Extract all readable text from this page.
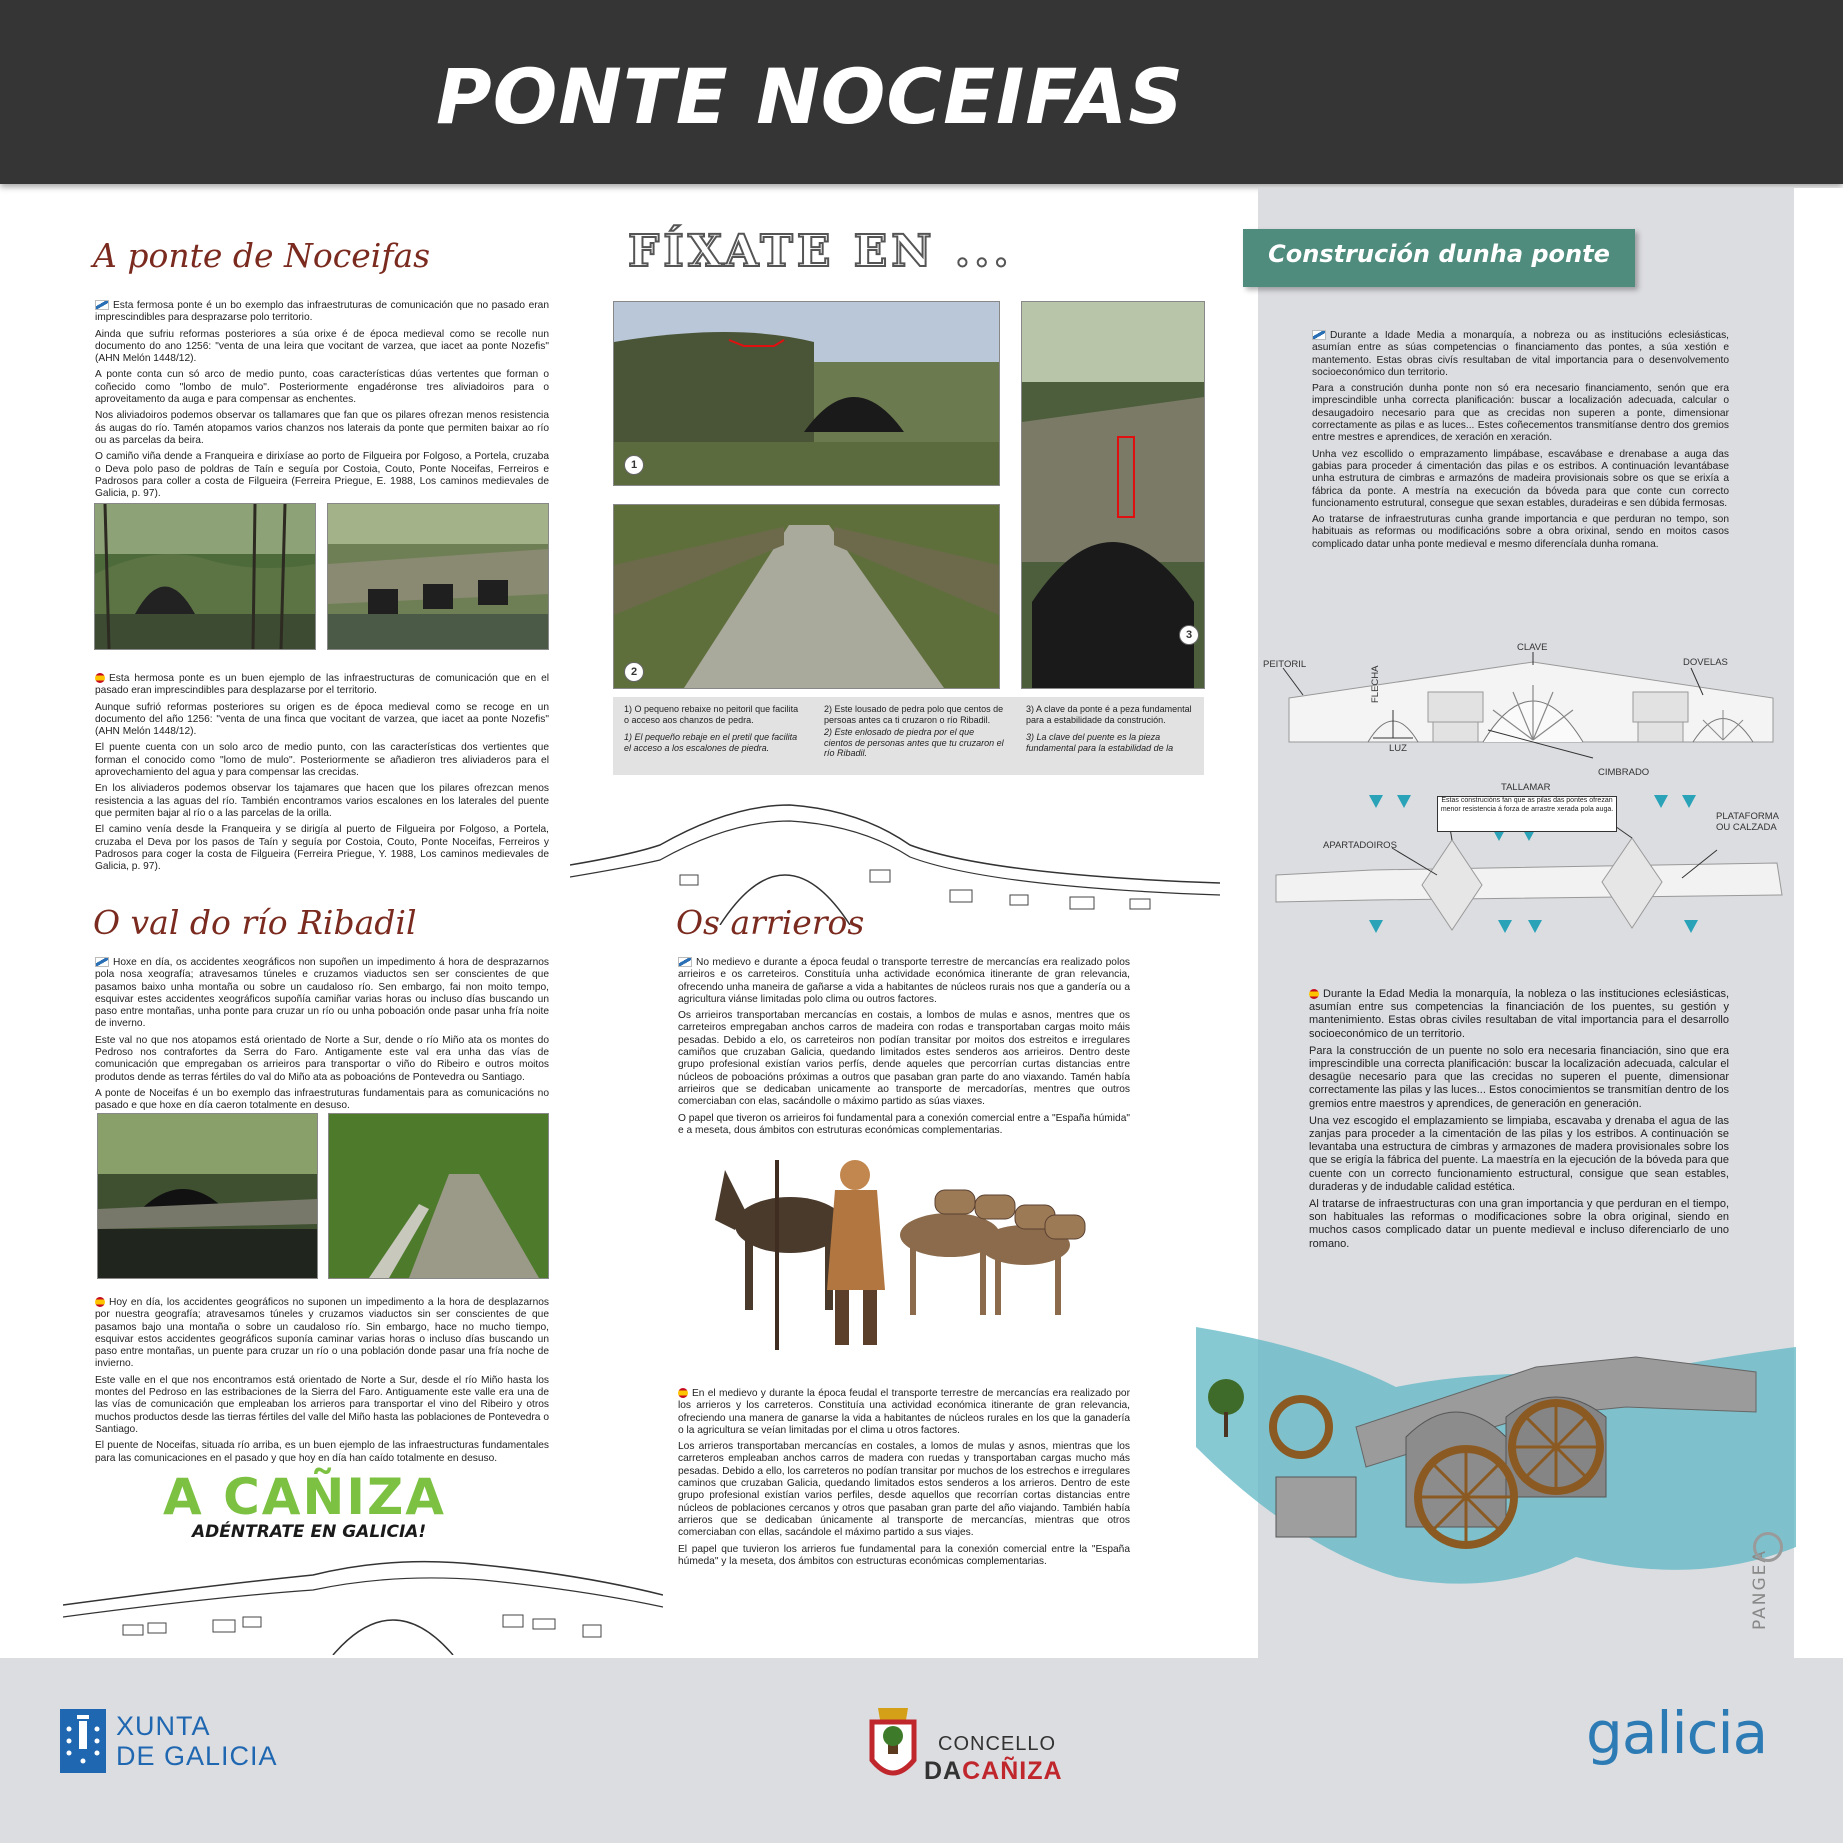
PONTE NOCEIFAS
A ponte de Noceifas

Esta fermosa ponte é un bo exemplo das infraestruturas de comunicación que no pasado eran imprescindibles para desprazarse polo territorio.

Ainda que sufriu reformas posteriores a súa orixe é de época medieval como se recolle nun documento do ano 1256: "venta de una leira que vocitant de varzea, que iacet aa ponte Nozefis" (AHN Melón 1448/12).

A ponte conta cun só arco de medio punto, coas características dúas vertentes que forman o coñecido como "lombo de mulo". Posteriormente engadéronse tres aliviadoiros para o aproveitamento da auga e para compensar as enchentes.

Nos aliviadoiros podemos observar os tallamares que fan que os pilares ofrezan menos resistencia ás augas do río. Tamén atopamos varios chanzos nos laterais da ponte que permiten baixar ao río ou as parcelas da beira.

O camiño viña dende a Franqueira e dirixíase ao porto de Filgueira por Folgoso, a Portela, cruzaba o Deva polo paso de poldras de Taín e seguía por Costoia, Couto, Ponte Noceifas, Ferreiros e Padrosos para coller a costa de Filgueira (Ferreira Priegue, E. 1988, Los caminos medievales de Galicia, p. 97).

Esta hermosa ponte es un buen ejemplo de las infraestructuras de comunicación que en el pasado eran imprescindibles para desplazarse por el territorio.

Aunque sufrió reformas posteriores su origen es de época medieval como se recoge en un documento del año 1256: "venta de una finca que vocitant de varzea, que iacet aa ponte Nozefis" (AHN Melón 1448/12).

El puente cuenta con un solo arco de medio punto, con las características dos vertientes que forman el conocido como "lomo de mulo". Posteriormente se añadieron tres aliviaderos para el aprovechamiento del agua y para compensar las crecidas.

En los aliviaderos podemos observar los tajamares que hacen que los pilares ofrezcan menos resistencia a las aguas del río. También encontramos varios escalones en los laterales del puente que permiten bajar al río o a las parcelas de la orilla.

El camino venía desde la Franqueira y se dirigía al puerto de Filgueira por Folgoso, a Portela, cruzaba el Deva por los pasos de Taín y seguía por Costoia, Couto, Ponte Noceifas, Ferreiros y Padrosos para coger la costa de Filgueira (Ferreira Priegue, Y. 1988, Los caminos medievales de Galicia, p. 97).

O val do río Ribadil

Hoxe en día, os accidentes xeográficos non supoñen un impedimento á hora de desprazarnos pola nosa xeografía; atravesamos túneles e cruzamos viaductos sen ser conscientes de que pasamos baixo unha montaña ou sobre un caudaloso río. Sen embargo, fai non moito tempo, esquivar estes accidentes xeográficos supoñía camiñar varias horas ou incluso días buscando un paso entre montañas, unha ponte para cruzar un río ou unha poboación onde pasar unha fría noite de inverno.

Este val no que nos atopamos está orientado de Norte a Sur, dende o río Miño ata os montes do Pedroso nos contrafortes da Serra do Faro. Antigamente este val era unha das vías de comunicación que empregaban os arrieiros para transportar o viño do Ribeiro e outros moitos produtos dende as terras fértiles do val do Miño ata as poboacións de Pontevedra ou Santiago.

A ponte de Noceifas é un bo exemplo das infraestruturas fundamentais para as comunicacións no pasado e que hoxe en día caeron totalmente en desuso.

Hoy en día, los accidentes geográficos no suponen un impedimento a la hora de desplazarnos por nuestra geografía; atravesamos túneles y cruzamos viaductos sin ser conscientes de que pasamos bajo una montaña o sobre un caudaloso río. Sin embargo, hace no mucho tiempo, esquivar estos accidentes geográficos suponía caminar varias horas o incluso días buscando un paso entre montañas, un puente para cruzar un río o una población donde pasar una fría noche de invierno.

Este valle en el que nos encontramos está orientado de Norte a Sur, desde el río Miño hasta los montes del Pedroso en las estribaciones de la Sierra del Faro. Antiguamente este valle era una de las vías de comunicación que empleaban los arrieros para transportar el vino del Ribeiro y otros muchos productos desde las tierras fértiles del valle del Miño hasta las poblaciones de Pontevedra o Santiago.

El puente de Noceifas, situada río arriba, es un buen ejemplo de las infraestructuras fundamentales para las comunicaciones en el pasado y que hoy en día han caído totalmente en desuso.

A CAÑIZA
ADÉNTRATE EN GALICIA!
FÍXATE EN ...
1
2
3
1) O pequeno rebaixe no peitoril que facilita o acceso aos chanzos de pedra.
1) El pequeño rebaje en el pretil que facilita el acceso a los escalones de piedra.
2) Este lousado de pedra polo que centos de persoas antes ca ti cruzaron o río Ribadil.
2) Este enlosado de piedra por el que cientos de personas antes que tu cruzaron el río Ribadil.
3) A clave da ponte é a peza fundamental para a estabilidade da construción.
3) La clave del puente es la pieza fundamental para la estabilidad de la
Os arrieros

No medievo e durante a época feudal o transporte terrestre de mercancías era realizado polos arrieiros e os carreteiros. Constituía unha actividade económica itinerante de gran relevancia, ofrecendo unha maneira de gañarse a vida a habitantes de núcleos rurais nos que a gandería ou a agricultura viánse limitadas polo clima ou outros factores.

Os arrieiros transportaban mercancías en costais, a lombos de mulas e asnos, mentres que os carreteiros empregaban anchos carros de madeira con rodas e transportaban cargas moito máis pesadas. Debido a elo, os carreteiros non podían transitar por moitos dos estreitos e irregulares camiños que cruzaban Galicia, quedando limitados estes senderos aos arrieiros. Dentro deste grupo profesional existían varios perfís, dende aqueles que percorrían curtas distancias entre núcleos de poboacións próximas a outros que pasaban gran parte do ano viaxando. Tamén había arrieiros que se dedicaban unicamente ao transporte de mercadorías, mentres que outros comerciaban con elas, sacándolle o máximo partido as súas viaxes.

O papel que tiveron os arrieiros foi fundamental para a conexión comercial entre a "España húmida" e a meseta, dous ámbitos con estruturas económicas complementarias.

En el medievo y durante la época feudal el transporte terrestre de mercancías era realizado por los arrieros y los carreteros. Constituía una actividad económica itinerante de gran relevancia, ofreciendo una manera de ganarse la vida a habitantes de núcleos rurales en los que la ganadería o la agricultura se veían limitadas por el clima u otros factores.

Los arrieros transportaban mercancías en costales, a lomos de mulas y asnos, mientras que los carreteros empleaban anchos carros de madera con ruedas y transportaban cargas mucho más pesadas. Debido a ello, los carreteros no podían transitar por muchos de los estrechos e irregulares caminos que cruzaban Galicia, quedando limitados estos senderos a los arrieros. Dentro de este grupo profesional existían varios perfiles, desde aquellos que recorrían cortas distancias entre núcleos de poblaciones cercanos y otros que pasaban gran parte del año viajando. También había arrieros que se dedicaban únicamente al transporte de mercancías, mientras que otros comerciaban con ellas, sacándole el máximo partido a sus viajes.

El papel que tuvieron los arrieros fue fundamental para la conexión comercial entre la "España húmeda" y la meseta, dos ámbitos con estructuras económicas complementarias.

Construción dunha ponte

Durante a Idade Media a monarquía, a nobreza ou as institucións eclesiásticas, asumían entre as súas competencias o financiamento das pontes, a súa xestión e mantemento. Estas obras civís resultaban de vital importancia para o desenvolvemento socioeconómico dun territorio.

Para a construción dunha ponte non só era necesario financiamento, senón que era imprescindible unha correcta planificación: buscar a localización adecuada, calcular o desaugadoiro necesario para que as crecidas non superen a ponte, dimensionar correctamente as pilas e as luces... Estes coñecementos transmitíanse dentro dos gremios entre mestres e aprendices, de xeración en xeración.

Unha vez escollido o emprazamento limpábase, escavábase e drenabase a auga das gabias para proceder á cimentación das pilas e os estribos. A continuación levantábase unha estrutura de cimbras e armazóns de madeira provisionais sobre os que se erixía a fábrica da ponte. A mestría na execución da bóveda para que conte cun correcto funcionamento estrutural, consegue que sexan estables, duradeiras e sen dúbida fermosas.

Ao tratarse de infraestruturas cunha grande importancia e que perduran no tempo, son habituais as reformas ou modificacións sobre a obra orixinal, sendo en moitos casos complicado datar unha ponte medieval e mesmo diferencíala dunha romana.

PEITORIL
CLAVE
DOVELAS
FLECHA
LUZ
CIMBRADO
TALLAMAR
Estas construcións fan que as pilas das pontes ofrezan menor resistencia á forza de arrastre xerada pola auga.
APARTADOIROS
PLATAFORMA OU CALZADA

Durante la Edad Media la monarquía, la nobleza o las instituciones eclesiásticas, asumían entre sus competencias la financiación de los puentes, su gestión y mantenimiento. Estas obras civiles resultaban de vital importancia para el desarrollo socioeconómico de un territorio.

Para la construcción de un puente no solo era necesaria financiación, sino que era imprescindible una correcta planificación: buscar la localización adecuada, calcular el desagüe necesario para que las crecidas no superen el puente, dimensionar correctamente las pilas y las luces... Estos conocimientos se transmitían dentro de los gremios entre maestros y aprendices, de generación en generación.

Una vez escogido el emplazamiento se limpiaba, escavaba y drenaba el agua de las zanjas para proceder a la cimentación de las pilas y los estribos. A continuación se levantaba una estructura de cimbras y armazones de madera provisionales sobre los que se erigía la fábrica del puente. La maestría en la ejecución de la bóveda para que cuente con un correcto funcionamiento estructural, consigue que sean estables, duraderas y de indudable calidad estética.

Al tratarse de infraestructuras con una gran importancia y que perduran en el tiempo, son habituales las reformas o modificaciones sobre la obra original, siendo en muchos casos complicado datar un puente medieval e incluso diferenciarlo de uno romano.

PANGEA
XUNTA
DE GALICIA	CONCELLO
DACAÑIZA
galicia
